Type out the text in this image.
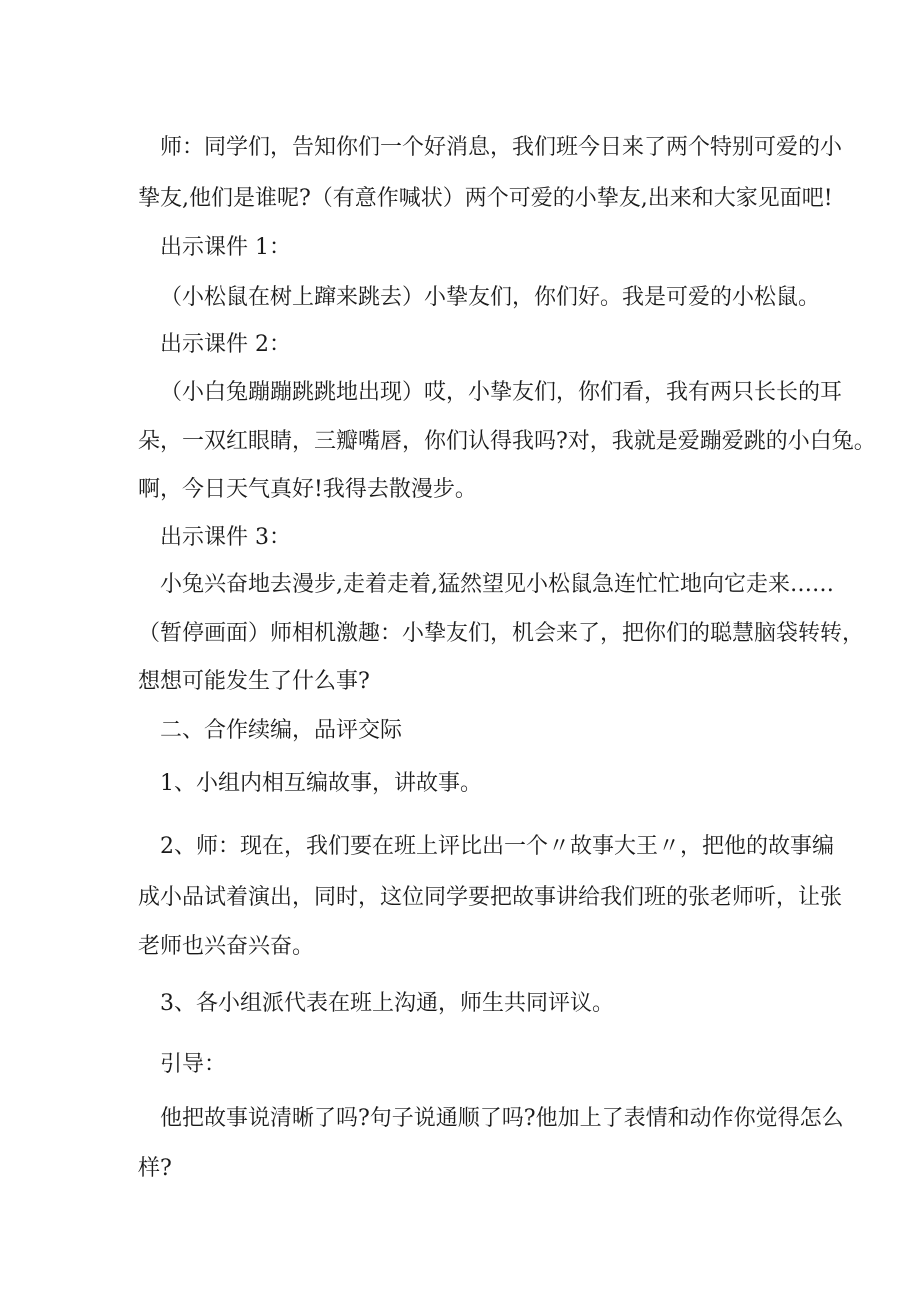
师：同学们，告知你们一个好消息，我们班今日来了两个特别可爱的小
挚友,他们是谁呢?（有意作喊状）两个可爱的小挚友,出来和大家见面吧!
出示课件 1：
（小松鼠在树上蹿来跳去）小挚友们，你们好。我是可爱的小松鼠。
出示课件 2：
（小白兔蹦蹦跳跳地出现）哎，小挚友们，你们看，我有两只长长的耳
朵，一双红眼睛，三瓣嘴唇，你们认得我吗?对，我就是爱蹦爱跳的小白兔。
啊，今日天气真好!我得去散漫步。
出示课件 3：
小兔兴奋地去漫步,走着走着,猛然望见小松鼠急连忙忙地向它走来……
（暂停画面）师相机激趣：小挚友们，机会来了，把你们的聪慧脑袋转转，
想想可能发生了什么事?
二、合作续编，品评交际
1、小组内相互编故事，讲故事。
2、师：现在，我们要在班上评比出一个〃故事大王〃，把他的故事编
成小品试着演出，同时，这位同学要把故事讲给我们班的张老师听，让张
老师也兴奋兴奋。
3、各小组派代表在班上沟通，师生共同评议。
引导：
他把故事说清晰了吗?句子说通顺了吗?他加上了表情和动作你觉得怎么
样?
